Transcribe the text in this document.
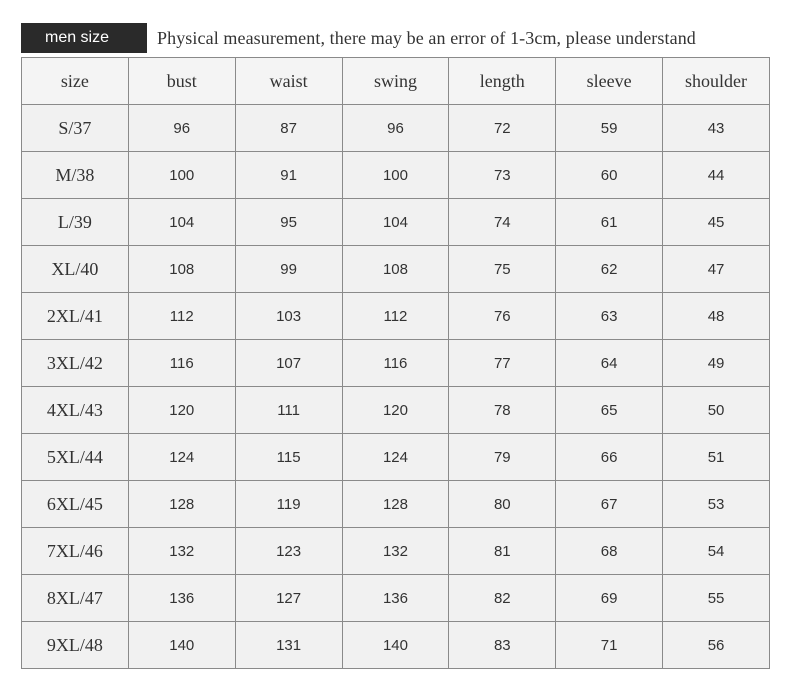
men size	Physical measurement, there may be an error of 1-3cm, please understand
size	bust	waist	swing	length	sleeve	shoulder
S/37	96	87	96	72	59	43
M/38	100	91	100	73	60	44
L/39	104	95	104	74	61	45
XL/40	108	99	108	75	62	47
2XL/41	112	103	112	76	63	48
3XL/42	116	107	116	77	64	49
4XL/43	120	111	120	78	65	50
5XL/44	124	115	124	79	66	51
6XL/45	128	119	128	80	67	53
7XL/46	132	123	132	81	68	54
8XL/47	136	127	136	82	69	55
9XL/48	140	131	140	83	71	56
